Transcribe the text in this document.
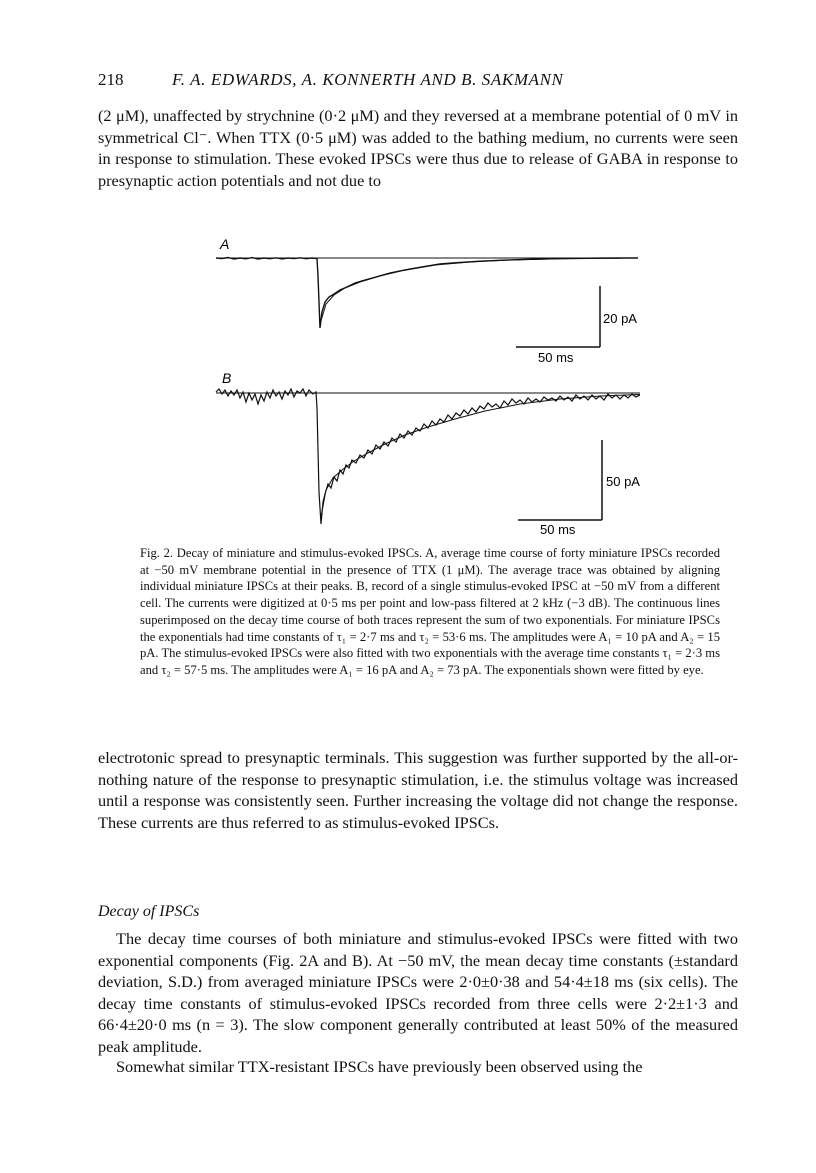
218	F. A. EDWARDS, A. KONNERTH AND B. SAKMANN

(2 μM), unaffected by strychnine (0·2 μM) and they reversed at a membrane potential of 0 mV in symmetrical Cl⁻. When TTX (0·5 μM) was added to the bathing medium, no currents were seen in response to stimulation. These evoked IPSCs were thus due to release of GABA in response to presynaptic action potentials and not due to

A
20 pA
50 ms
B
50 pA
50 ms

Fig. 2. Decay of miniature and stimulus-evoked IPSCs. A, average time course of forty miniature IPSCs recorded at −50 mV membrane potential in the presence of TTX (1 μM). The average trace was obtained by aligning individual miniature IPSCs at their peaks. B, record of a single stimulus-evoked IPSC at −50 mV from a different cell. The currents were digitized at 0·5 ms per point and low-pass filtered at 2 kHz (−3 dB). The continuous lines superimposed on the decay time course of both traces represent the sum of two exponentials. For miniature IPSCs the exponentials had time constants of τ₁ = 2·7 ms and τ₂ = 53·6 ms. The amplitudes were A₁ = 10 pA and A₂ = 15 pA. The stimulus-evoked IPSCs were also fitted with two exponentials with the average time constants τ₁ = 2·3 ms and τ₂ = 57·5 ms. The amplitudes were A₁ = 16 pA and A₂ = 73 pA. The exponentials shown were fitted by eye.

electrotonic spread to presynaptic terminals. This suggestion was further supported by the all-or-nothing nature of the response to presynaptic stimulation, i.e. the stimulus voltage was increased until a response was consistently seen. Further increasing the voltage did not change the response. These currents are thus referred to as stimulus-evoked IPSCs.

Decay of IPSCs

The decay time courses of both miniature and stimulus-evoked IPSCs were fitted with two exponential components (Fig. 2A and B). At −50 mV, the mean decay time constants (±standard deviation, S.D.) from averaged miniature IPSCs were 2·0±0·38 and 54·4±18 ms (six cells). The decay time constants of stimulus-evoked IPSCs recorded from three cells were 2·2±1·3 and 66·4±20·0 ms (n = 3). The slow component generally contributed at least 50% of the measured peak amplitude.

Somewhat similar TTX-resistant IPSCs have previously been observed using the
